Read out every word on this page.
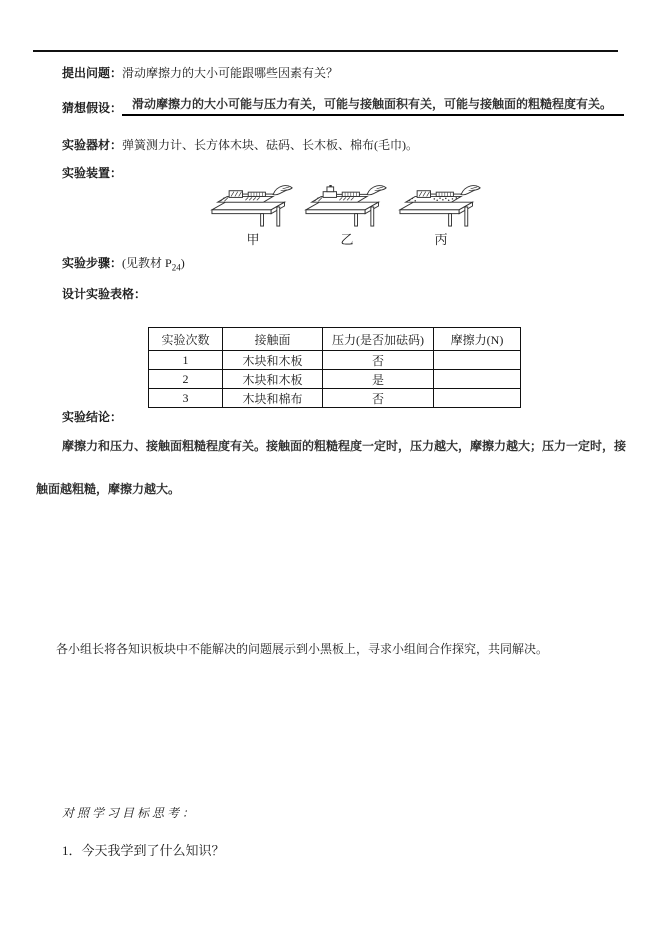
提出问题：滑动摩擦力的大小可能跟哪些因素有关？
猜想假设： 滑动摩擦力的大小可能与压力有关，可能与接触面积有关，可能与接触面的粗糙程度有关。
实验器材：弹簧测力计、长方体木块、砝码、长木板、棉布(毛巾)。
实验装置：
甲	乙	丙
实验步骤：(见教材 $P_{24}$)
设计实验表格：
实验次数	接触面	压力(是否加砝码)	摩擦力(N)
1	木块和木板	否	
2	木块和木板	是	
3	木块和棉布	否	
实验结论：
摩擦力和压力、接触面粗糙程度有关。接触面的粗糙程度一定时，压力越大，摩擦力越大；压力一定时，接触面越粗糙，摩擦力越大。
各小组长将各知识板块中不能解决的问题展示到小黑板上，寻求小组间合作探究，共同解决。
对照学习目标思考：
1．今天我学到了什么知识？
